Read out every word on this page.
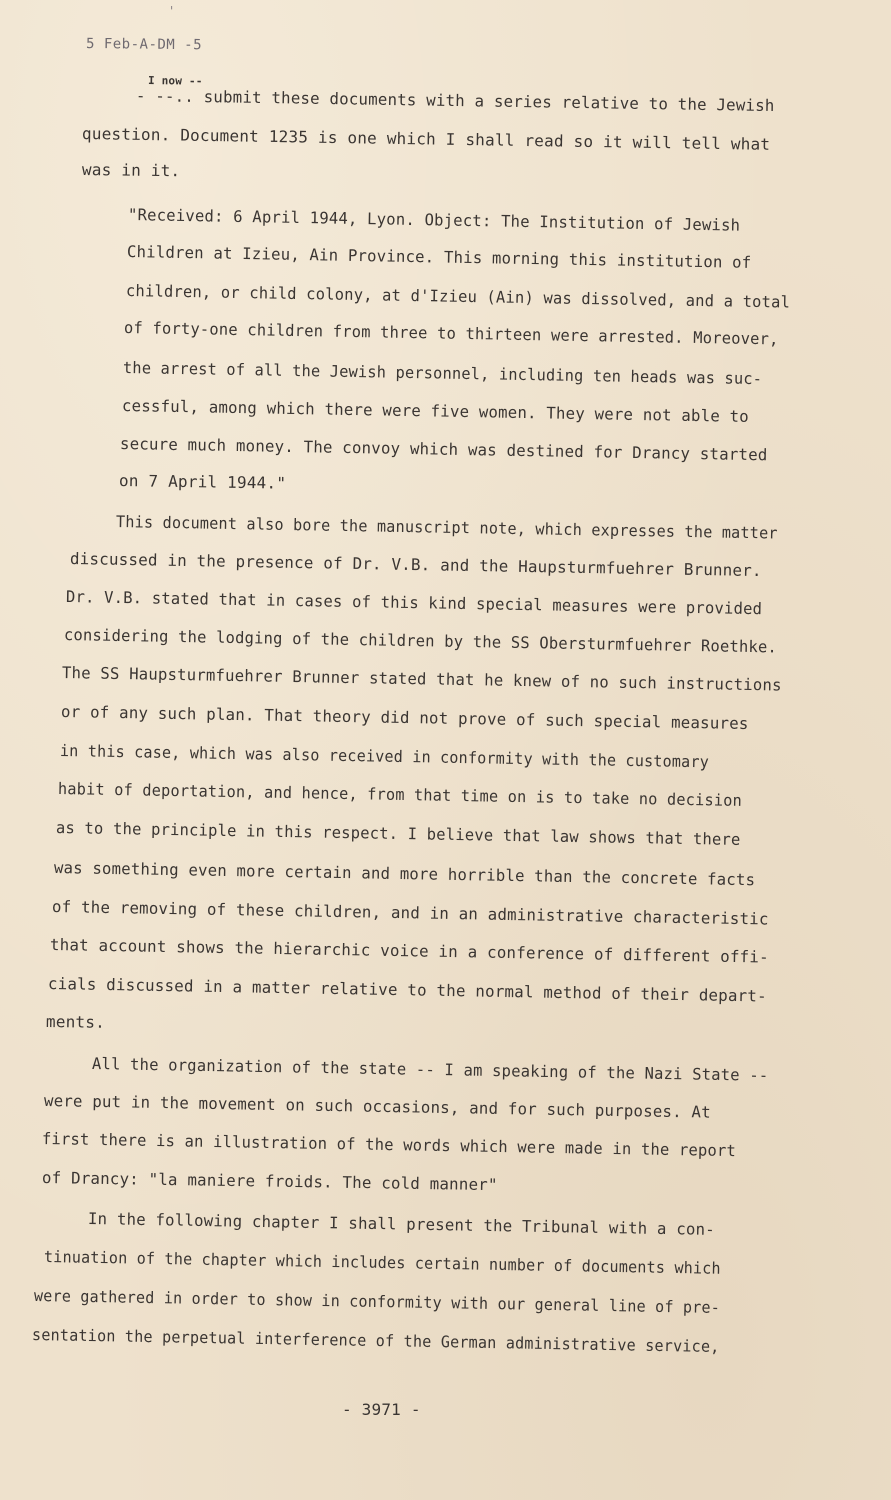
'
5 Feb-A-DM -5
I now --
- --.. submit these documents with a series relative to the Jewish
question. Document 1235 is one which I shall read so it will tell what
was in it.
"Received: 6 April 1944, Lyon. Object: The Institution of Jewish
Children at Izieu, Ain Province. This morning this institution of
children, or child colony, at d'Izieu (Ain) was dissolved, and a total
of forty-one children from three to thirteen were arrested. Moreover,
the arrest of all the Jewish personnel, including ten heads was suc-
cessful, among which there were five women. They were not able to
secure much money. The convoy which was destined for Drancy started
on 7 April 1944."
This document also bore the manuscript note, which expresses the matter
discussed in the presence of Dr. V.B. and the Haupsturmfuehrer Brunner.
Dr. V.B. stated that in cases of this kind special measures were provided
considering the lodging of the children by the SS Obersturmfuehrer Roethke.
The SS Haupsturmfuehrer Brunner stated that he knew of no such instructions
or of any such plan. That theory did not prove of such special measures
in this case, which was also received in conformity with the customary
habit of deportation, and hence, from that time on is to take no decision
as to the principle in this respect. I believe that law shows that there
was something even more certain and more horrible than the concrete facts
of the removing of these children, and in an administrative characteristic
that account shows the hierarchic voice in a conference of different offi-
cials discussed in a matter relative to the normal method of their depart-
ments.
All the organization of the state -- I am speaking of the Nazi State --
were put in the movement on such occasions, and for such purposes. At
first there is an illustration of the words which were made in the report
of Drancy: "la maniere froids. The cold manner"
In the following chapter I shall present the Tribunal with a con-
tinuation of the chapter which includes certain number of documents which
were gathered in order to show in conformity with our general line of pre-
sentation the perpetual interference of the German administrative service,
- 3971 -
